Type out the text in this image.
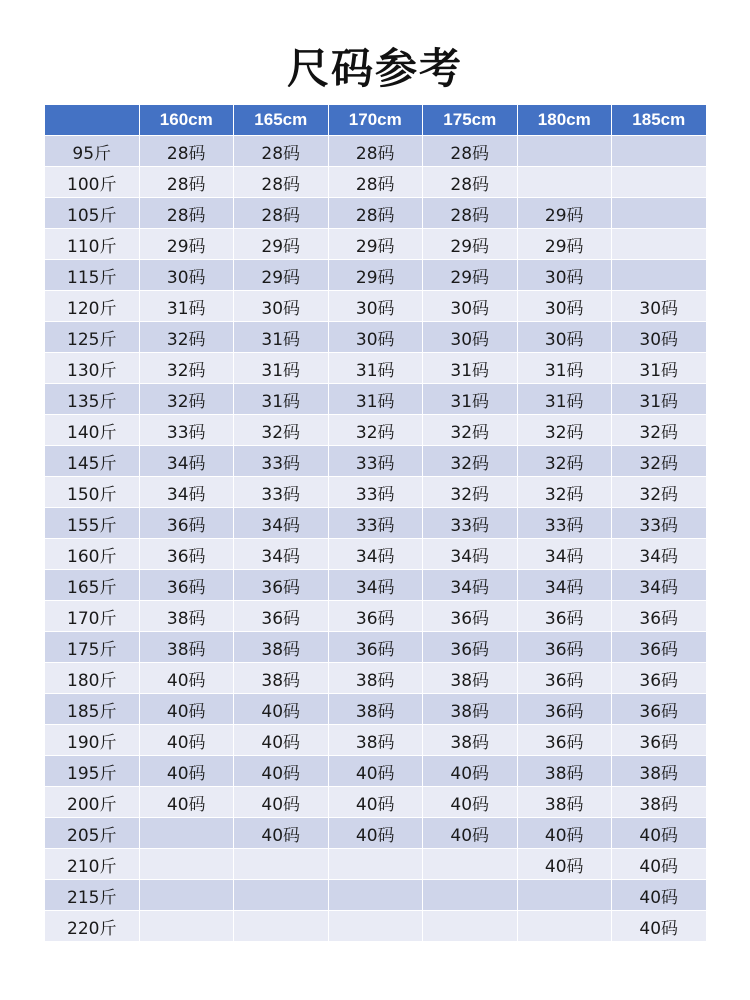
尺码参考
	160cm	165cm	170cm	175cm	180cm	185cm
95斤	28码	28码	28码	28码		
100斤	28码	28码	28码	28码		
105斤	28码	28码	28码	28码	29码	
110斤	29码	29码	29码	29码	29码	
115斤	30码	29码	29码	29码	30码	
120斤	31码	30码	30码	30码	30码	30码
125斤	32码	31码	30码	30码	30码	30码
130斤	32码	31码	31码	31码	31码	31码
135斤	32码	31码	31码	31码	31码	31码
140斤	33码	32码	32码	32码	32码	32码
145斤	34码	33码	33码	32码	32码	32码
150斤	34码	33码	33码	32码	32码	32码
155斤	36码	34码	33码	33码	33码	33码
160斤	36码	34码	34码	34码	34码	34码
165斤	36码	36码	34码	34码	34码	34码
170斤	38码	36码	36码	36码	36码	36码
175斤	38码	38码	36码	36码	36码	36码
180斤	40码	38码	38码	38码	36码	36码
185斤	40码	40码	38码	38码	36码	36码
190斤	40码	40码	38码	38码	36码	36码
195斤	40码	40码	40码	40码	38码	38码
200斤	40码	40码	40码	40码	38码	38码
205斤		40码	40码	40码	40码	40码
210斤					40码	40码
215斤						40码
220斤						40码
